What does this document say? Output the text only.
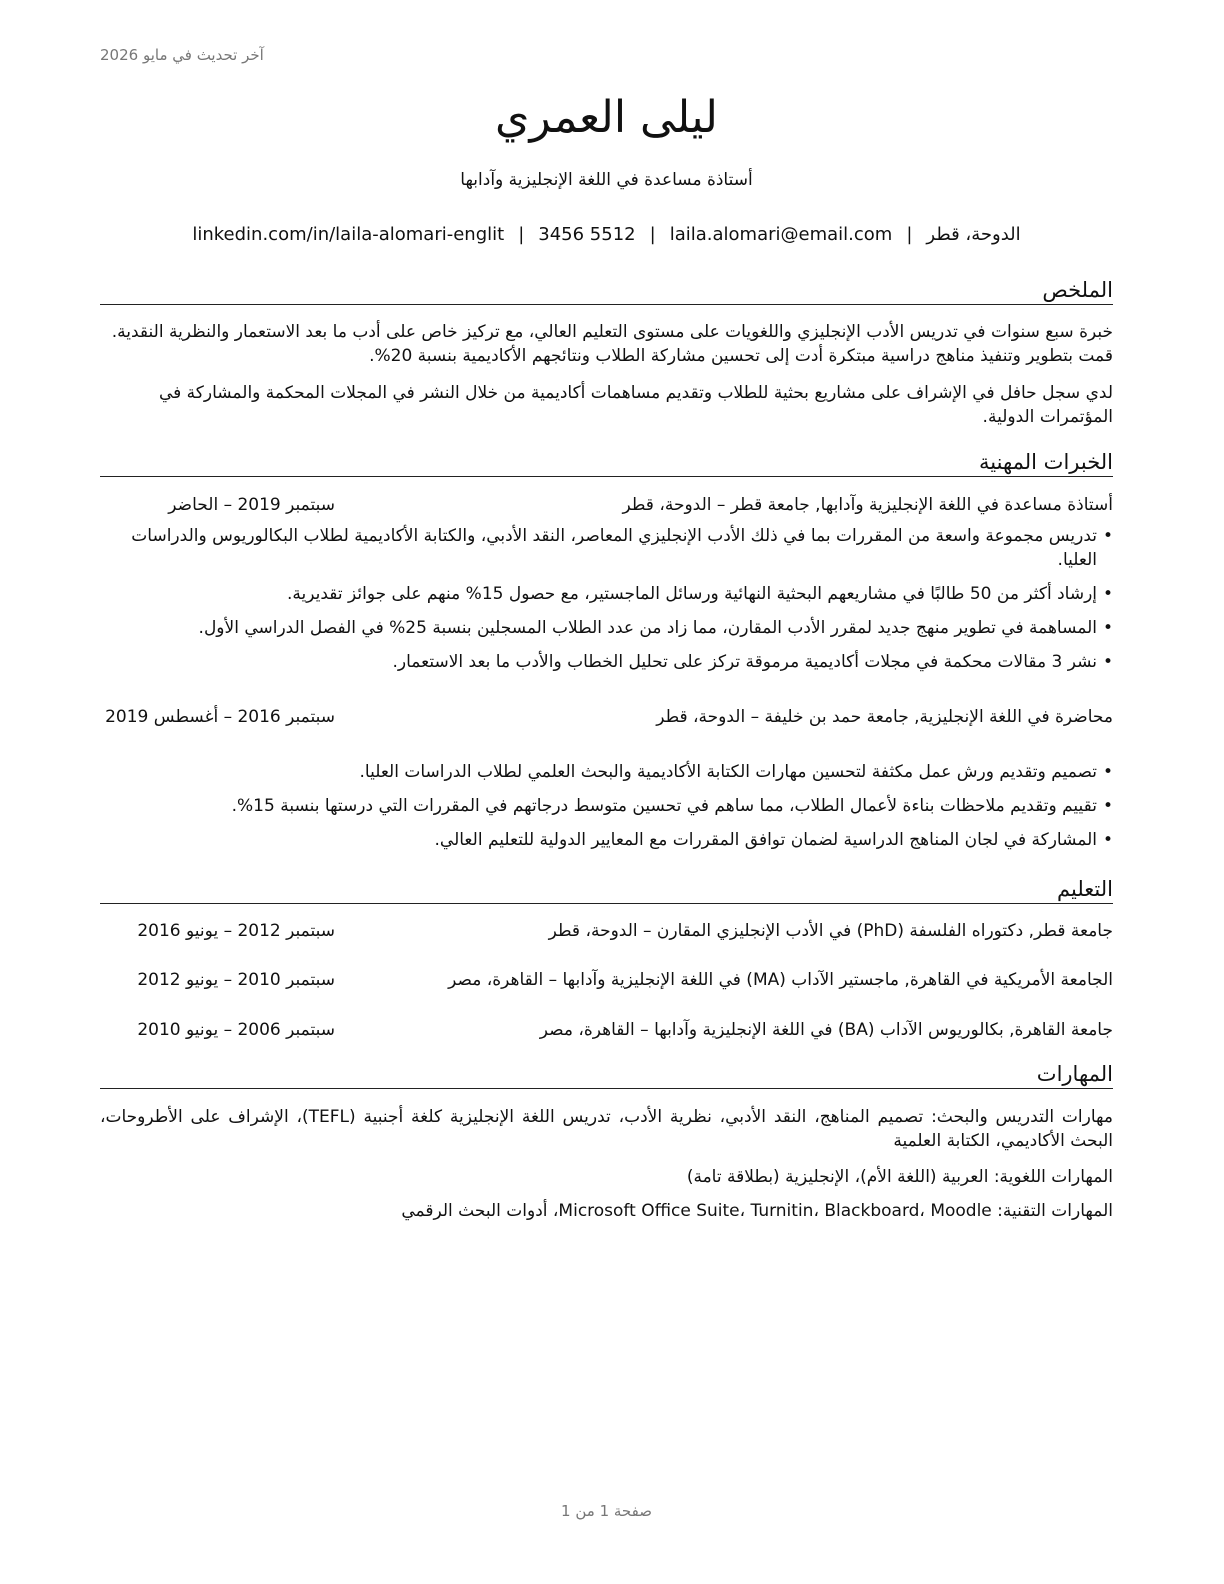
آخر تحديث في مايو 2026
ليلى العمري
أستاذة مساعدة في اللغة الإنجليزية وآدابها
الدوحة، قطر|laila.alomari@email.com|3456 5512|linkedin.com/in/laila-alomari-englit
الملخص
خبرة سبع سنوات في تدريس الأدب الإنجليزي واللغويات على مستوى التعليم العالي، مع تركيز خاص على أدب ما بعد الاستعمار والنظرية النقدية. قمت بتطوير وتنفيذ مناهج دراسية مبتكرة أدت إلى تحسين مشاركة الطلاب ونتائجهم الأكاديمية بنسبة 20%.
لدي سجل حافل في الإشراف على مشاريع بحثية للطلاب وتقديم مساهمات أكاديمية من خلال النشر في المجلات المحكمة والمشاركة في المؤتمرات الدولية.
الخبرات المهنية
أستاذة مساعدة في اللغة الإنجليزية وآدابها, جامعة قطر – الدوحة، قطر
سبتمبر 2019 – الحاضر
•
تدريس مجموعة واسعة من المقررات بما في ذلك الأدب الإنجليزي المعاصر، النقد الأدبي، والكتابة الأكاديمية لطلاب البكالوريوس والدراسات العليا.
•
إرشاد أكثر من 50 طالبًا في مشاريعهم البحثية النهائية ورسائل الماجستير، مع حصول 15% منهم على جوائز تقديرية.
•
المساهمة في تطوير منهج جديد لمقرر الأدب المقارن، مما زاد من عدد الطلاب المسجلين بنسبة 25% في الفصل الدراسي الأول.
•
نشر 3 مقالات محكمة في مجلات أكاديمية مرموقة تركز على تحليل الخطاب والأدب ما بعد الاستعمار.
محاضرة في اللغة الإنجليزية, جامعة حمد بن خليفة – الدوحة، قطر
سبتمبر 2016 – أغسطس 2019
•
تصميم وتقديم ورش عمل مكثفة لتحسين مهارات الكتابة الأكاديمية والبحث العلمي لطلاب الدراسات العليا.
•
تقييم وتقديم ملاحظات بناءة لأعمال الطلاب، مما ساهم في تحسين متوسط درجاتهم في المقررات التي درستها بنسبة 15%.
•
المشاركة في لجان المناهج الدراسية لضمان توافق المقررات مع المعايير الدولية للتعليم العالي.
التعليم
جامعة قطر, دكتوراه الفلسفة (PhD) في الأدب الإنجليزي المقارن – الدوحة، قطر
سبتمبر 2012 – يونيو 2016
الجامعة الأمريكية في القاهرة, ماجستير الآداب (MA) في اللغة الإنجليزية وآدابها – القاهرة، مصر
سبتمبر 2010 – يونيو 2012
جامعة القاهرة, بكالوريوس الآداب (BA) في اللغة الإنجليزية وآدابها – القاهرة، مصر
سبتمبر 2006 – يونيو 2010
المهارات
مهارات التدريس والبحث: تصميم المناهج، النقد الأدبي، نظرية الأدب، تدريس اللغة الإنجليزية كلغة أجنبية (TEFL)، الإشراف على الأطروحات، البحث الأكاديمي، الكتابة العلمية
المهارات اللغوية: العربية (اللغة الأم)، الإنجليزية (بطلاقة تامة)
المهارات التقنية: Microsoft Office Suite، Turnitin، Blackboard، Moodle، أدوات البحث الرقمي
صفحة 1 من 1
